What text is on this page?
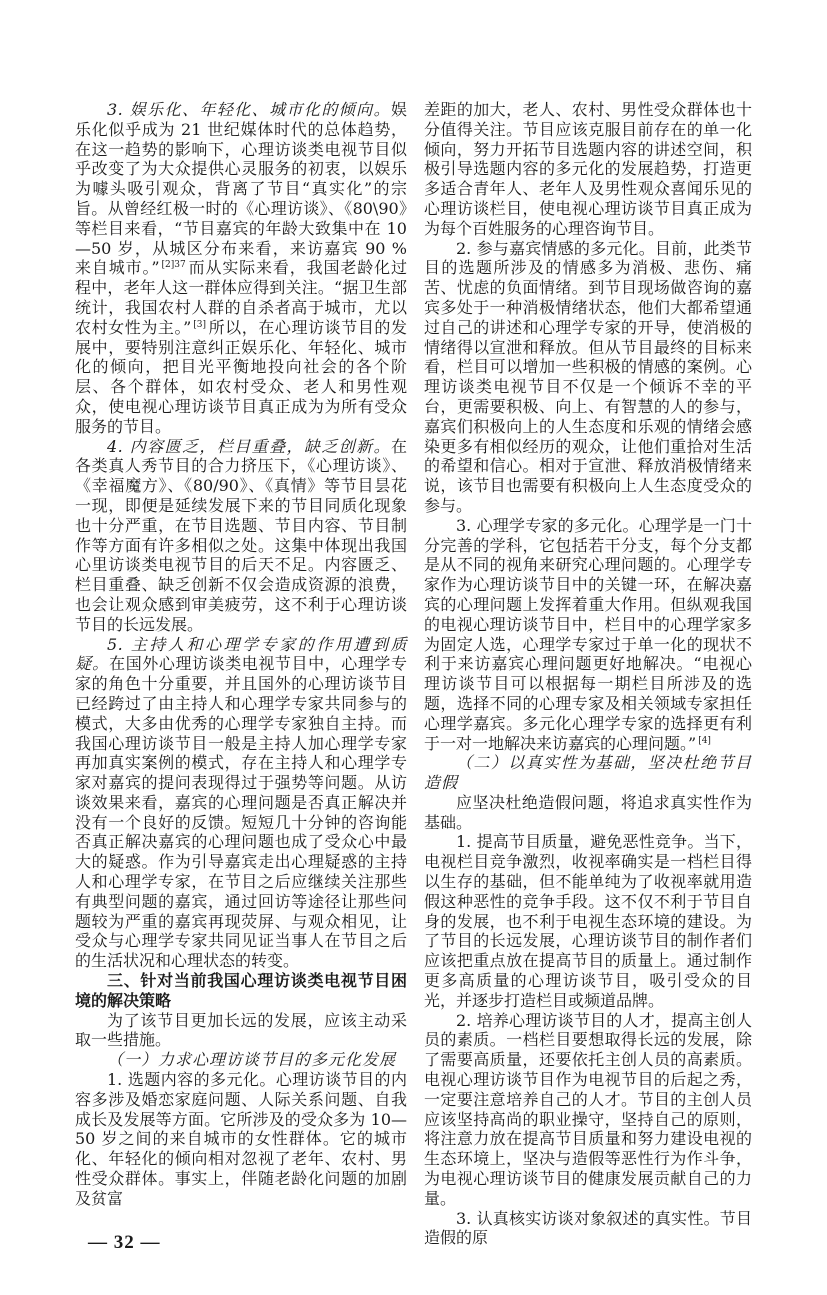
3. 娱乐化、年轻化、城市化的倾向。娱乐化似乎成为 21 世纪媒体时代的总体趋势，在这一趋势的影响下，心理访谈类电视节目似乎改变了为大众提供心灵服务的初衷，以娱乐为噱头吸引观众，背离了节目“真实化”的宗旨。从曾经红极一时的《心理访谈》、《80\90》等栏目来看，“节目嘉宾的年龄大致集中在 10—50 岁，从城区分布来看，来访嘉宾 90 % 来自城市。” $^{[2]37}$ 而从实际来看，我国老龄化过程中，老年人这一群体应得到关注。“据卫生部统计，我国农村人群的自杀者高于城市，尤以农村女性为主。” [3] 所以，在心理访谈节目的发展中，要特别注意纠正娱乐化、年轻化、城市化的倾向，把目光平衡地投向社会的各个阶层、各个群体，如农村受众、老人和男性观众，使电视心理访谈节目真正成为为所有受众服务的节目。

4. 内容匮乏，栏目重叠，缺乏创新。在各类真人秀节目的合力挤压下，《心理访谈》、《幸福魔方》、《80/90》、《真情》等节目昙花一现，即便是延续发展下来的节目同质化现象也十分严重，在节目选题、节目内容、节目制作等方面有许多相似之处。这集中体现出我国心里访谈类电视节目的后天不足。内容匮乏、栏目重叠、缺乏创新不仅会造成资源的浪费，也会让观众感到审美疲劳，这不利于心理访谈节目的长远发展。

5. 主持人和心理学专家的作用遭到质疑。在国外心理访谈类电视节目中，心理学专家的角色十分重要，并且国外的心理访谈节目已经跨过了由主持人和心理学专家共同参与的模式，大多由优秀的心理学专家独自主持。而我国心理访谈节目一般是主持人加心理学专家再加真实案例的模式，存在主持人和心理学专家对嘉宾的提问表现得过于强势等问题。从访谈效果来看，嘉宾的心理问题是否真正解决并没有一个良好的反馈。短短几十分钟的咨询能否真正解决嘉宾的心理问题也成了受众心中最大的疑惑。作为引导嘉宾走出心理疑惑的主持人和心理学专家，在节目之后应继续关注那些有典型问题的嘉宾，通过回访等途径让那些问题较为严重的嘉宾再现荧屏、与观众相见，让受众与心理学专家共同见证当事人在节目之后的生活状况和心理状态的转变。

三、针对当前我国心理访谈类电视节目困境的解决策略

为了该节目更加长远的发展，应该主动采取一些措施。

（一）力求心理访谈节目的多元化发展

1. 选题内容的多元化。心理访谈节目的内容多涉及婚恋家庭问题、人际关系问题、自我成长及发展等方面。它所涉及的受众多为 10—50 岁之间的来自城市的女性群体。它的城市化、年轻化的倾向相对忽视了老年、农村、男性受众群体。事实上，伴随老龄化问题的加剧及贫富

— 32 —

差距的加大，老人、农村、男性受众群体也十分值得关注。节目应该克服目前存在的单一化倾向，努力开拓节目选题内容的讲述空间，积极引导选题内容的多元化的发展趋势，打造更多适合青年人、老年人及男性观众喜闻乐见的心理访谈栏目，使电视心理访谈节目真正成为为每个百姓服务的心理咨询节目。

2. 参与嘉宾情感的多元化。目前，此类节目的选题所涉及的情感多为消极、悲伤、痛苦、忧虑的负面情绪。到节目现场做咨询的嘉宾多处于一种消极情绪状态，他们大都希望通过自己的讲述和心理学专家的开导，使消极的情绪得以宣泄和释放。但从节目最终的目标来看，栏目可以增加一些积极的情感的案例。心理访谈类电视节目不仅是一个倾诉不幸的平台，更需要积极、向上、有智慧的人的参与，嘉宾们积极向上的人生态度和乐观的情绪会感染更多有相似经历的观众，让他们重拾对生活的希望和信心。相对于宣泄、释放消极情绪来说，该节目也需要有积极向上人生态度受众的参与。

3. 心理学专家的多元化。心理学是一门十分完善的学科，它包括若干分支，每个分支都是从不同的视角来研究心理问题的。心理学专家作为心理访谈节目中的关键一环，在解决嘉宾的心理问题上发挥着重大作用。但纵观我国的电视心理访谈节目中，栏目中的心理学家多为固定人选，心理学专家过于单一化的现状不利于来访嘉宾心理问题更好地解决。“电视心理访谈节目可以根据每一期栏目所涉及的选题，选择不同的心理专家及相关领域专家担任心理学嘉宾。多元化心理学专家的选择更有利于一对一地解决来访嘉宾的心理问题。” [4]

（二）以真实性为基础，坚决杜绝节目造假

应坚决杜绝造假问题，将追求真实性作为基础。

1. 提高节目质量，避免恶性竞争。当下，电视栏目竞争激烈，收视率确实是一档栏目得以生存的基础，但不能单纯为了收视率就用造假这种恶性的竞争手段。这不仅不利于节目自身的发展，也不利于电视生态环境的建设。为了节目的长远发展，心理访谈节目的制作者们应该把重点放在提高节目的质量上。通过制作更多高质量的心理访谈节目，吸引受众的目光，并逐步打造栏目或频道品牌。

2. 培养心理访谈节目的人才，提高主创人员的素质。一档栏目要想取得长远的发展，除了需要高质量，还要依托主创人员的高素质。电视心理访谈节目作为电视节目的后起之秀，一定要注意培养自己的人才。节目的主创人员应该坚持高尚的职业操守，坚持自己的原则，将注意力放在提高节目质量和努力建设电视的生态环境上，坚决与造假等恶性行为作斗争，为电视心理访谈节目的健康发展贡献自己的力量。

3. 认真核实访谈对象叙述的真实性。节目造假的原
